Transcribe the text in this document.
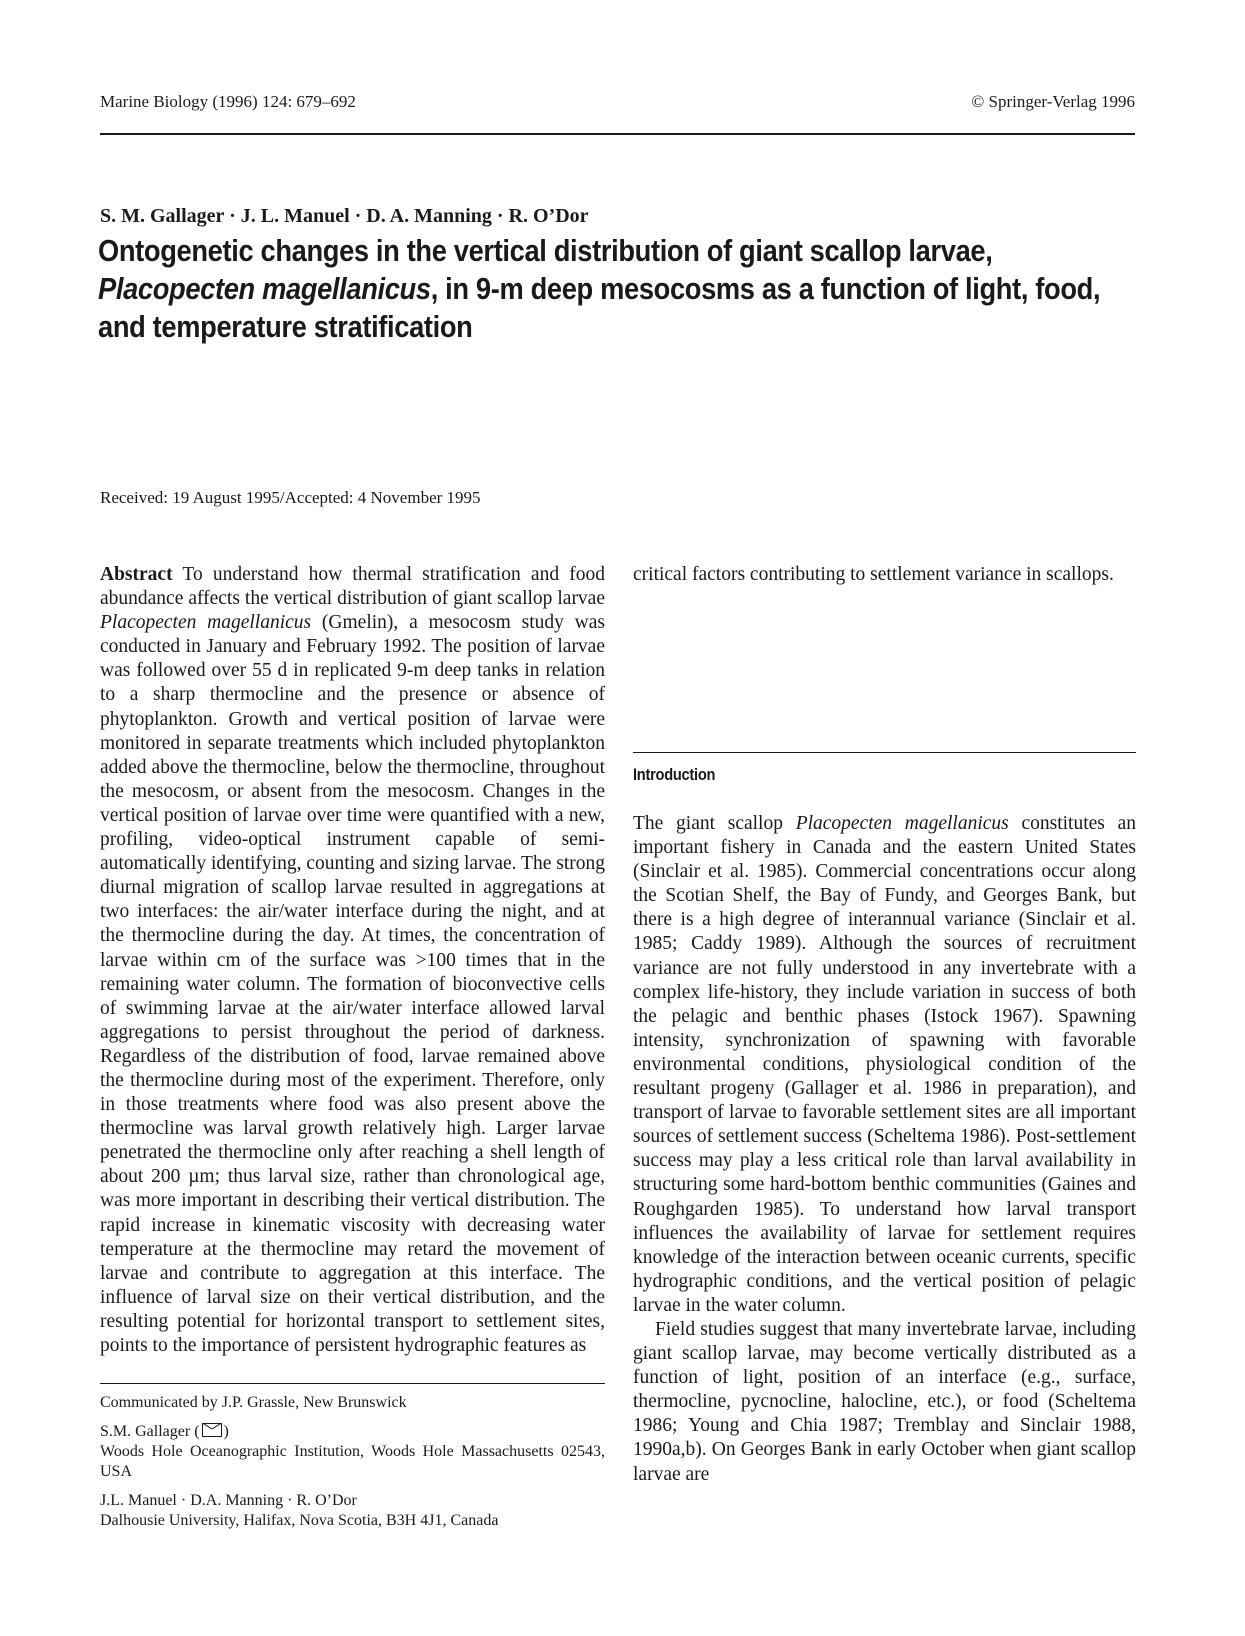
Marine Biology (1996) 124: 679–692	© Springer-Verlag 1996
S. M. Gallager · J. L. Manuel · D. A. Manning · R. O’Dor
Ontogenetic changes in the vertical distribution of giant scallop larvae, Placopecten magellanicus, in 9-m deep mesocosms as a function of light, food, and temperature stratification
Received: 19 August 1995/Accepted: 4 November 1995

Abstract To understand how thermal stratification and food abundance affects the vertical distribution of giant scallop larvae Placopecten magellanicus (Gmelin), a mesocosm study was conducted in January and February 1992. The position of larvae was followed over 55 d in replicated 9-m deep tanks in relation to a sharp thermocline and the presence or absence of phytoplankton. Growth and vertical position of larvae were monitored in separate treatments which included phytoplankton added above the thermocline, below the thermocline, throughout the mesocosm, or absent from the mesocosm. Changes in the vertical position of larvae over time were quantified with a new, profiling, video-optical instrument capable of semi-automatically identifying, counting and sizing larvae. The strong diurnal migration of scallop larvae resulted in aggregations at two interfaces: the air/water interface during the night, and at the thermocline during the day. At times, the concentration of larvae within cm of the surface was >100 times that in the remaining water column. The formation of bioconvective cells of swimming larvae at the air/water interface allowed larval aggregations to persist throughout the period of darkness. Regardless of the distribution of food, larvae remained above the thermocline during most of the experiment. Therefore, only in those treatments where food was also present above the thermocline was larval growth relatively high. Larger larvae penetrated the thermocline only after reaching a shell length of about 200 µm; thus larval size, rather than chronological age, was more important in describing their vertical distribution. The rapid increase in kinematic viscosity with decreasing water temperature at the thermocline may retard the movement of larvae and contribute to aggregation at this interface. The influence of larval size on their vertical distribution, and the resulting potential for horizontal transport to settlement sites, points to the importance of persistent hydrographic features as

Communicated by J.P. Grassle, New Brunswick

S.M. Gallager ( )

Woods Hole Oceanographic Institution, Woods Hole Massachusetts 02543, USA

J.L. Manuel · D.A. Manning · R. O’Dor

Dalhousie University, Halifax, Nova Scotia, B3H 4J1, Canada

Introduction

The giant scallop Placopecten magellanicus constitutes an important fishery in Canada and the eastern United States (Sinclair et al. 1985). Commercial concentrations occur along the Scotian Shelf, the Bay of Fundy, and Georges Bank, but there is a high degree of interannual variance (Sinclair et al. 1985; Caddy 1989). Although the sources of recruitment variance are not fully understood in any invertebrate with a complex life-history, they include variation in success of both the pelagic and benthic phases (Istock 1967). Spawning intensity, synchronization of spawning with favorable environmental conditions, physiological condition of the resultant progeny (Gallager et al. 1986 in preparation), and transport of larvae to favorable settlement sites are all important sources of settlement success (Scheltema 1986). Post-settlement success may play a less critical role than larval availability in structuring some hard-bottom benthic communities (Gaines and Roughgarden 1985). To understand how larval transport influences the availability of larvae for settlement requires knowledge of the interaction between oceanic currents, specific hydrographic conditions, and the vertical position of pelagic larvae in the water column.

Field studies suggest that many invertebrate larvae, including giant scallop larvae, may become vertically distributed as a function of light, position of an interface (e.g., surface, thermocline, pycnocline, halocline, etc.), or food (Scheltema 1986; Young and Chia 1987; Tremblay and Sinclair 1988, 1990a,b). On Georges Bank in early October when giant scallop larvae are

critical factors contributing to settlement variance in scallops.
